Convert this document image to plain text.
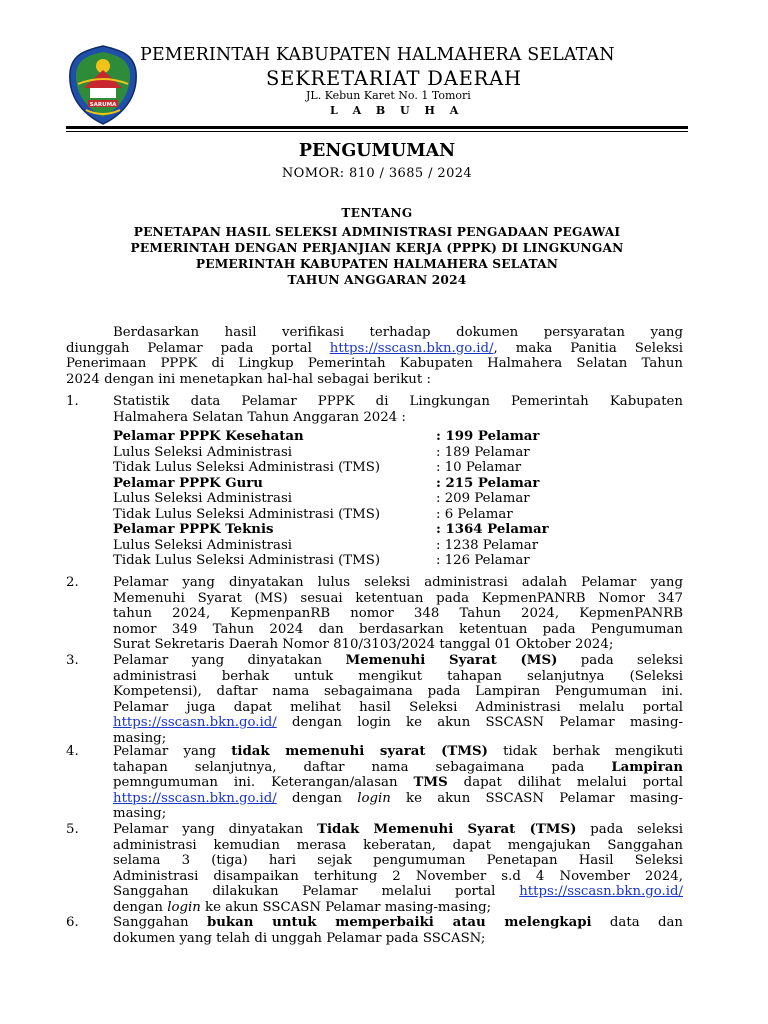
SARUMA
PEMERINTAH KABUPATEN HALMAHERA SELATAN
SEKRETARIAT DAERAH
JL. Kebun Karet No. 1 Tomori
L A B U H A
PENGUMUMAN
NOMOR: 810 / 3685 / 2024
TENTANG
PENETAPAN HASIL SELEKSI ADMINISTRASI PENGADAAN PEGAWAI
PEMERINTAH DENGAN PERJANJIAN KERJA (PPPK) DI LINGKUNGAN
PEMERINTAH KABUPATEN HALMAHERA SELATAN
TAHUN ANGGARAN 2024
Berdasarkan hasil verifikasi terhadap dokumen persyaratan yang
diunggah Pelamar pada portal https://sscasn.bkn.go.id/, maka Panitia Seleksi
Penerimaan PPPK di Lingkup Pemerintah Kabupaten Halmahera Selatan Tahun
2024 dengan ini menetapkan hal-hal sebagai berikut :
1.	Statistik data Pelamar PPPK di Lingkungan Pemerintah Kabupaten
Halmahera Selatan Tahun Anggaran 2024 :
Pelamar PPPK Kesehatan	: 199 Pelamar
Lulus Seleksi Administrasi	: 189 Pelamar
Tidak Lulus Seleksi Administrasi (TMS)	: 10 Pelamar
Pelamar PPPK Guru	: 215 Pelamar
Lulus Seleksi Administrasi	: 209 Pelamar
Tidak Lulus Seleksi Administrasi (TMS)	: 6 Pelamar
Pelamar PPPK Teknis	: 1364 Pelamar
Lulus Seleksi Administrasi	: 1238 Pelamar
Tidak Lulus Seleksi Administrasi (TMS)	: 126 Pelamar
2.	Pelamar yang dinyatakan lulus seleksi administrasi adalah Pelamar yang
Memenuhi Syarat (MS) sesuai ketentuan pada KepmenPANRB Nomor 347
tahun 2024, KepmenpanRB nomor 348 Tahun 2024, KepmenPANRB
nomor 349 Tahun 2024 dan berdasarkan ketentuan pada Pengumuman
Surat Sekretaris Daerah Nomor 810/3103/2024 tanggal 01 Oktober 2024;
3.	Pelamar yang dinyatakan Memenuhi Syarat (MS) pada seleksi
administrasi berhak untuk mengikut tahapan selanjutnya (Seleksi
Kompetensi), daftar nama sebagaimana pada Lampiran Pengumuman ini.
Pelamar juga dapat melihat hasil Seleksi Administrasi melalu portal
https://sscasn.bkn.go.id/ dengan login ke akun SSCASN Pelamar masing-
masing;
4.	Pelamar yang tidak memenuhi syarat (TMS) tidak berhak mengikuti
tahapan selanjutnya, daftar nama sebagaimana pada Lampiran
pemngumuman ini. Keterangan/alasan TMS dapat dilihat melalui portal
https://sscasn.bkn.go.id/ dengan login ke akun SSCASN Pelamar masing-
masing;
5.	Pelamar yang dinyatakan Tidak Memenuhi Syarat (TMS) pada seleksi
administrasi kemudian merasa keberatan, dapat mengajukan Sanggahan
selama 3 (tiga) hari sejak pengumuman Penetapan Hasil Seleksi
Administrasi disampaikan terhitung 2 November s.d 4 November 2024,
Sanggahan dilakukan Pelamar melalui portal https://sscasn.bkn.go.id/
dengan login ke akun SSCASN Pelamar masing-masing;
6.	Sanggahan bukan untuk memperbaiki atau melengkapi data dan
dokumen yang telah di unggah Pelamar pada SSCASN;
